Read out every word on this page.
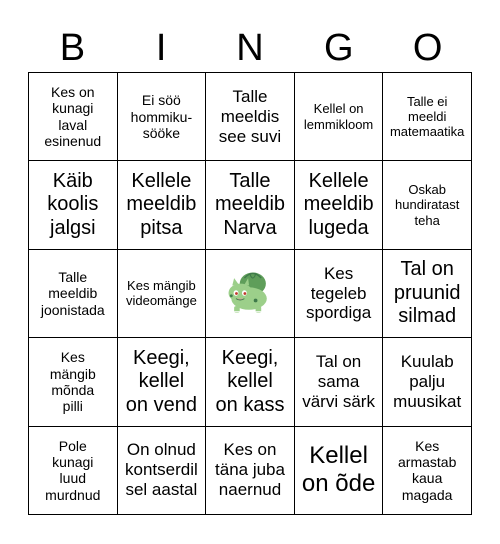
B	I	N	G	O
Kes on
kunagi
laval
esinenud
Ei söö
hommiku-
sööke
Talle
meeldis
see suvi
Kellel on
lemmikloom
Talle ei
meeldi
matemaatika
Käib
koolis
jalgsi
Kellele
meeldib
pitsa
Talle
meeldib
Narva
Kellele
meeldib
lugeda
Oskab
hundiratast
teha
Talle
meeldib
joonistada
Kes mängib
videomänge
Kes
tegeleb
spordiga
Tal on
pruunid
silmad
Kes
mängib
mõnda
pilli
Keegi,
kellel
on vend
Keegi,
kellel
on kass
Tal on
sama
värvi särk
Kuulab
palju
muusikat
Pole
kunagi
luud
murdnud
On olnud
kontserdil
sel aastal
Kes on
täna juba
naernud
Kellel
on õde
Kes
armastab
kaua
magada
